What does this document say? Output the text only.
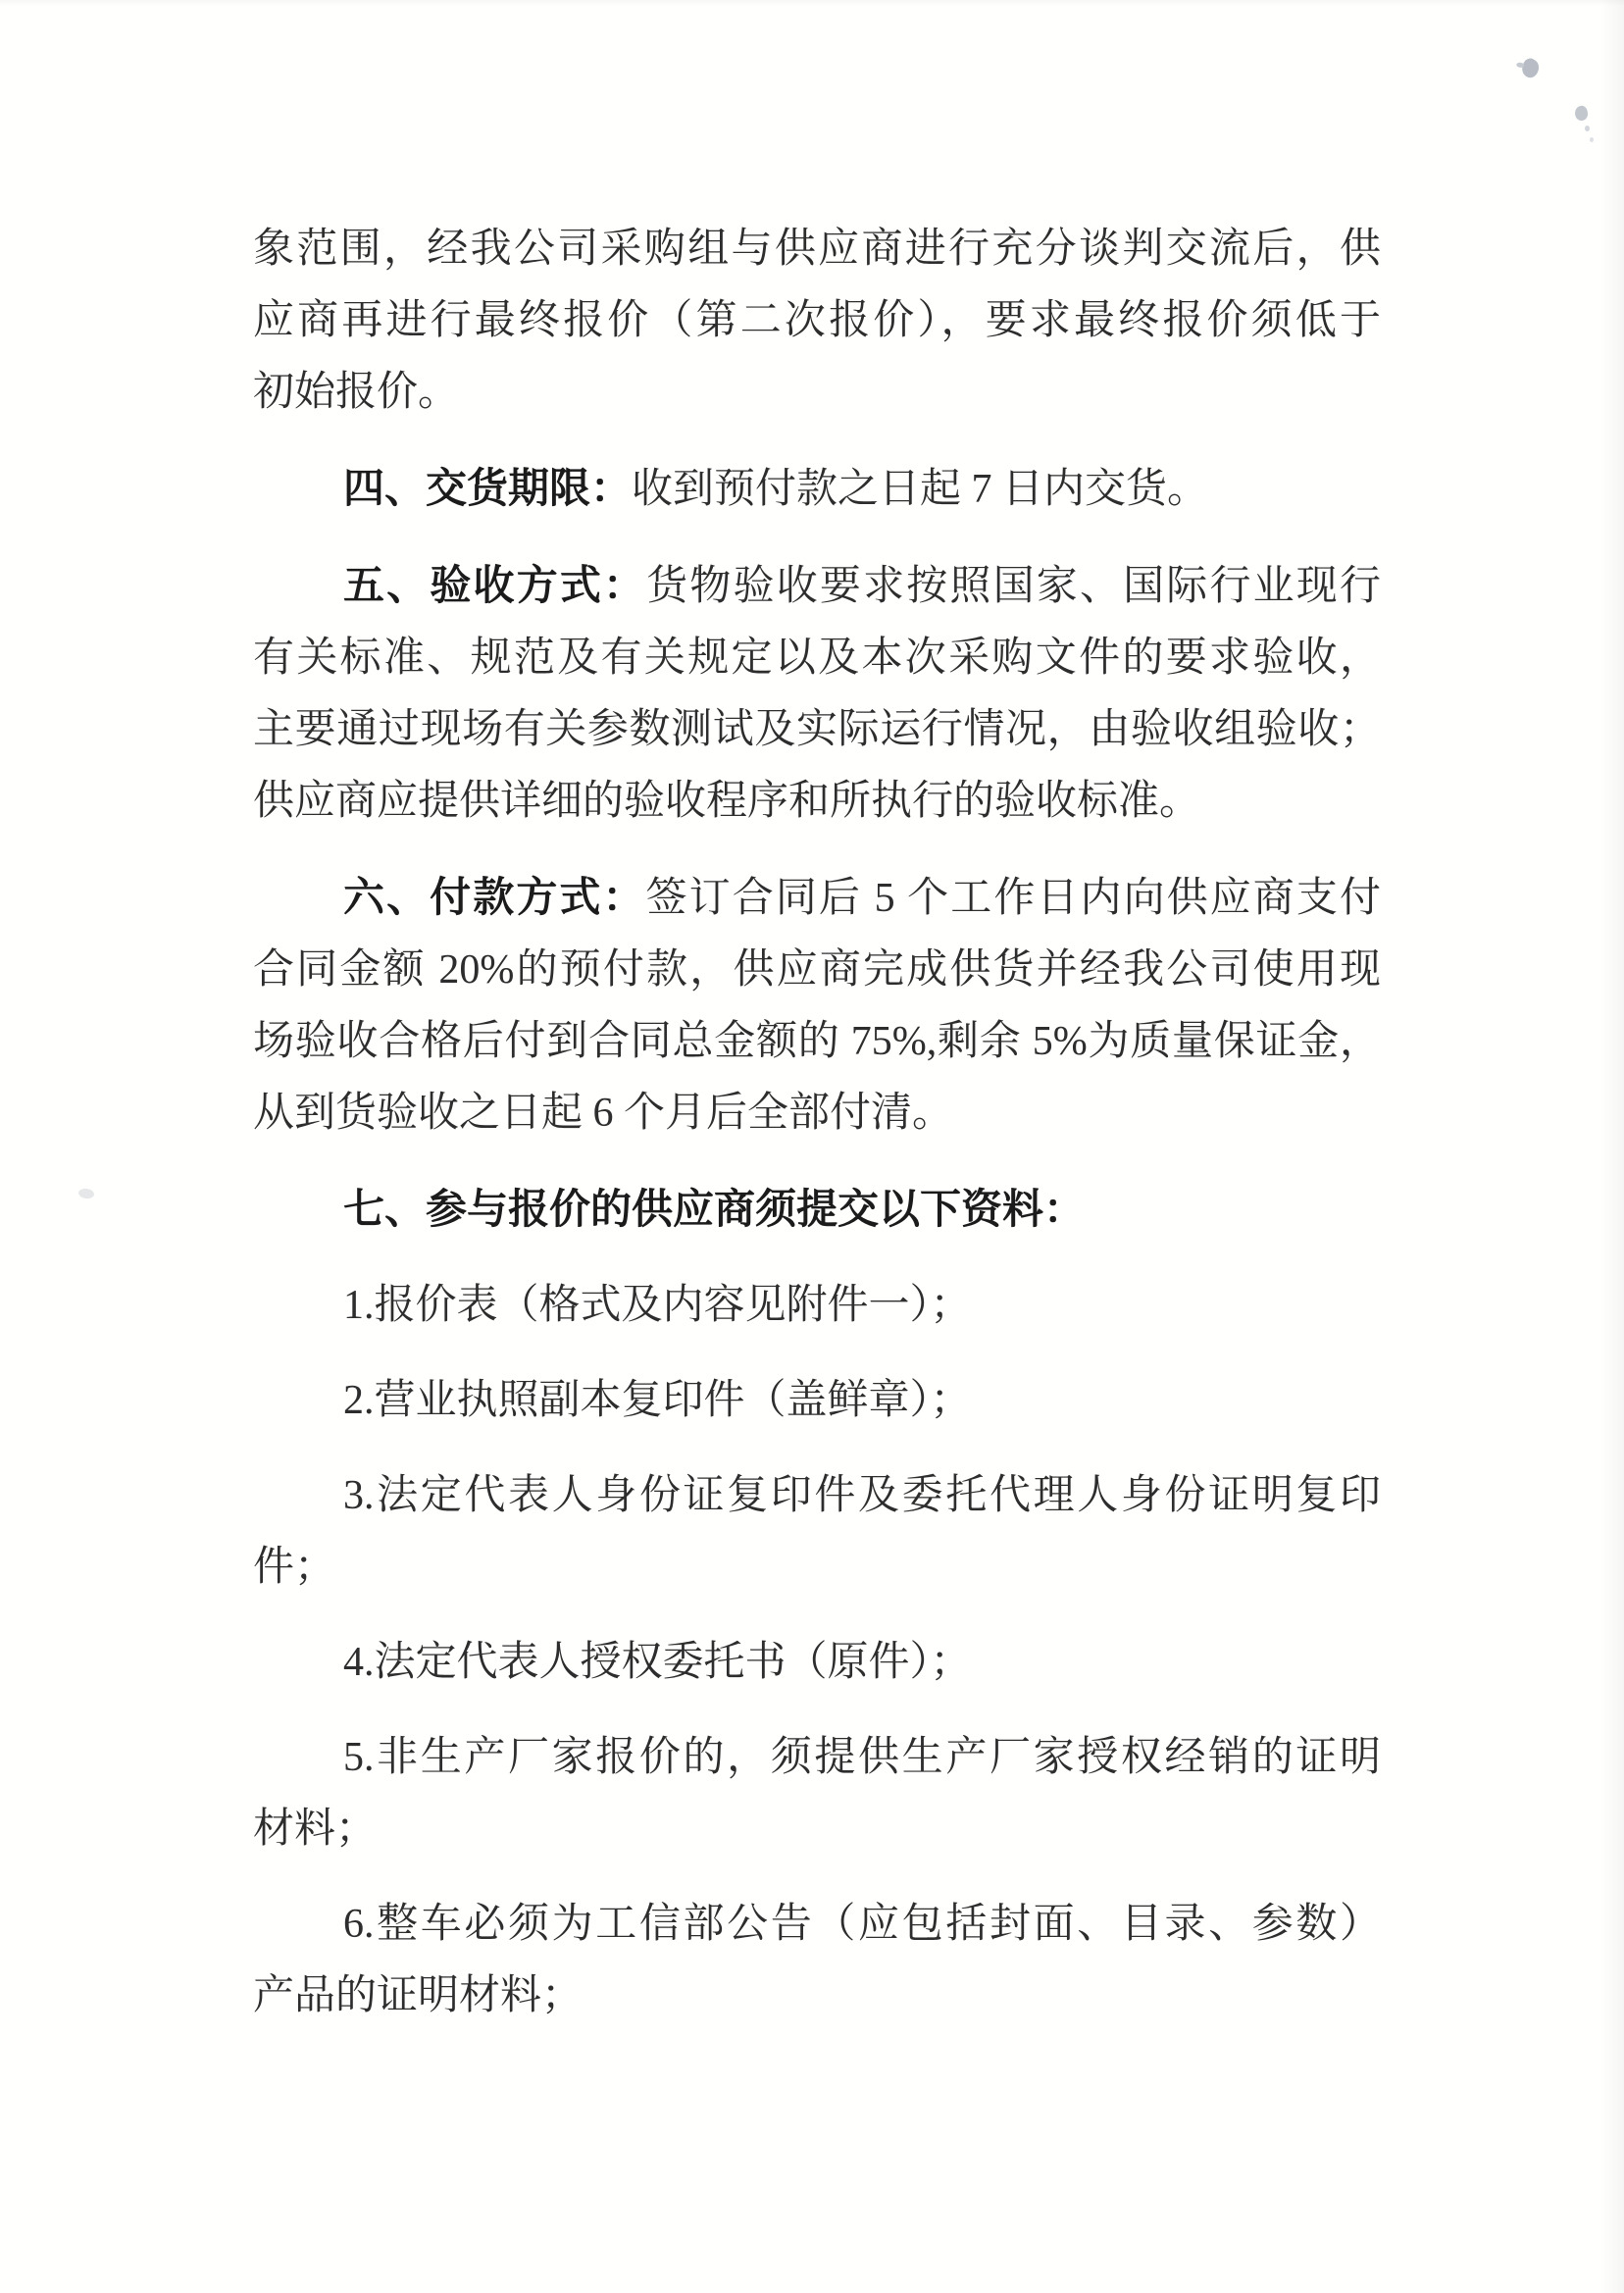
象范围，经我公司采购组与供应商进行充分谈判交流后，供
应商再进行最终报价（第二次报价），要求最终报价须低于
初始报价。
四、交货期限：收到预付款之日起 7 日内交货。
五、验收方式：货物验收要求按照国家、国际行业现行
有关标准、规范及有关规定以及本次采购文件的要求验收，
主要通过现场有关参数测试及实际运行情况，由验收组验收；
供应商应提供详细的验收程序和所执行的验收标准。
六、付款方式：签订合同后 5 个工作日内向供应商支付
合同金额 20%的预付款，供应商完成供货并经我公司使用现
场验收合格后付到合同总金额的 75%,剩余 5%为质量保证金，
从到货验收之日起 6 个月后全部付清。
七、参与报价的供应商须提交以下资料：
1.报价表（格式及内容见附件一）；
2.营业执照副本复印件（盖鲜章）；
3.法定代表人身份证复印件及委托代理人身份证明复印
件；
4.法定代表人授权委托书（原件）；
5.非生产厂家报价的，须提供生产厂家授权经销的证明
材料；
6.整车必须为工信部公告（应包括封面、目录、参数）
产品的证明材料；
